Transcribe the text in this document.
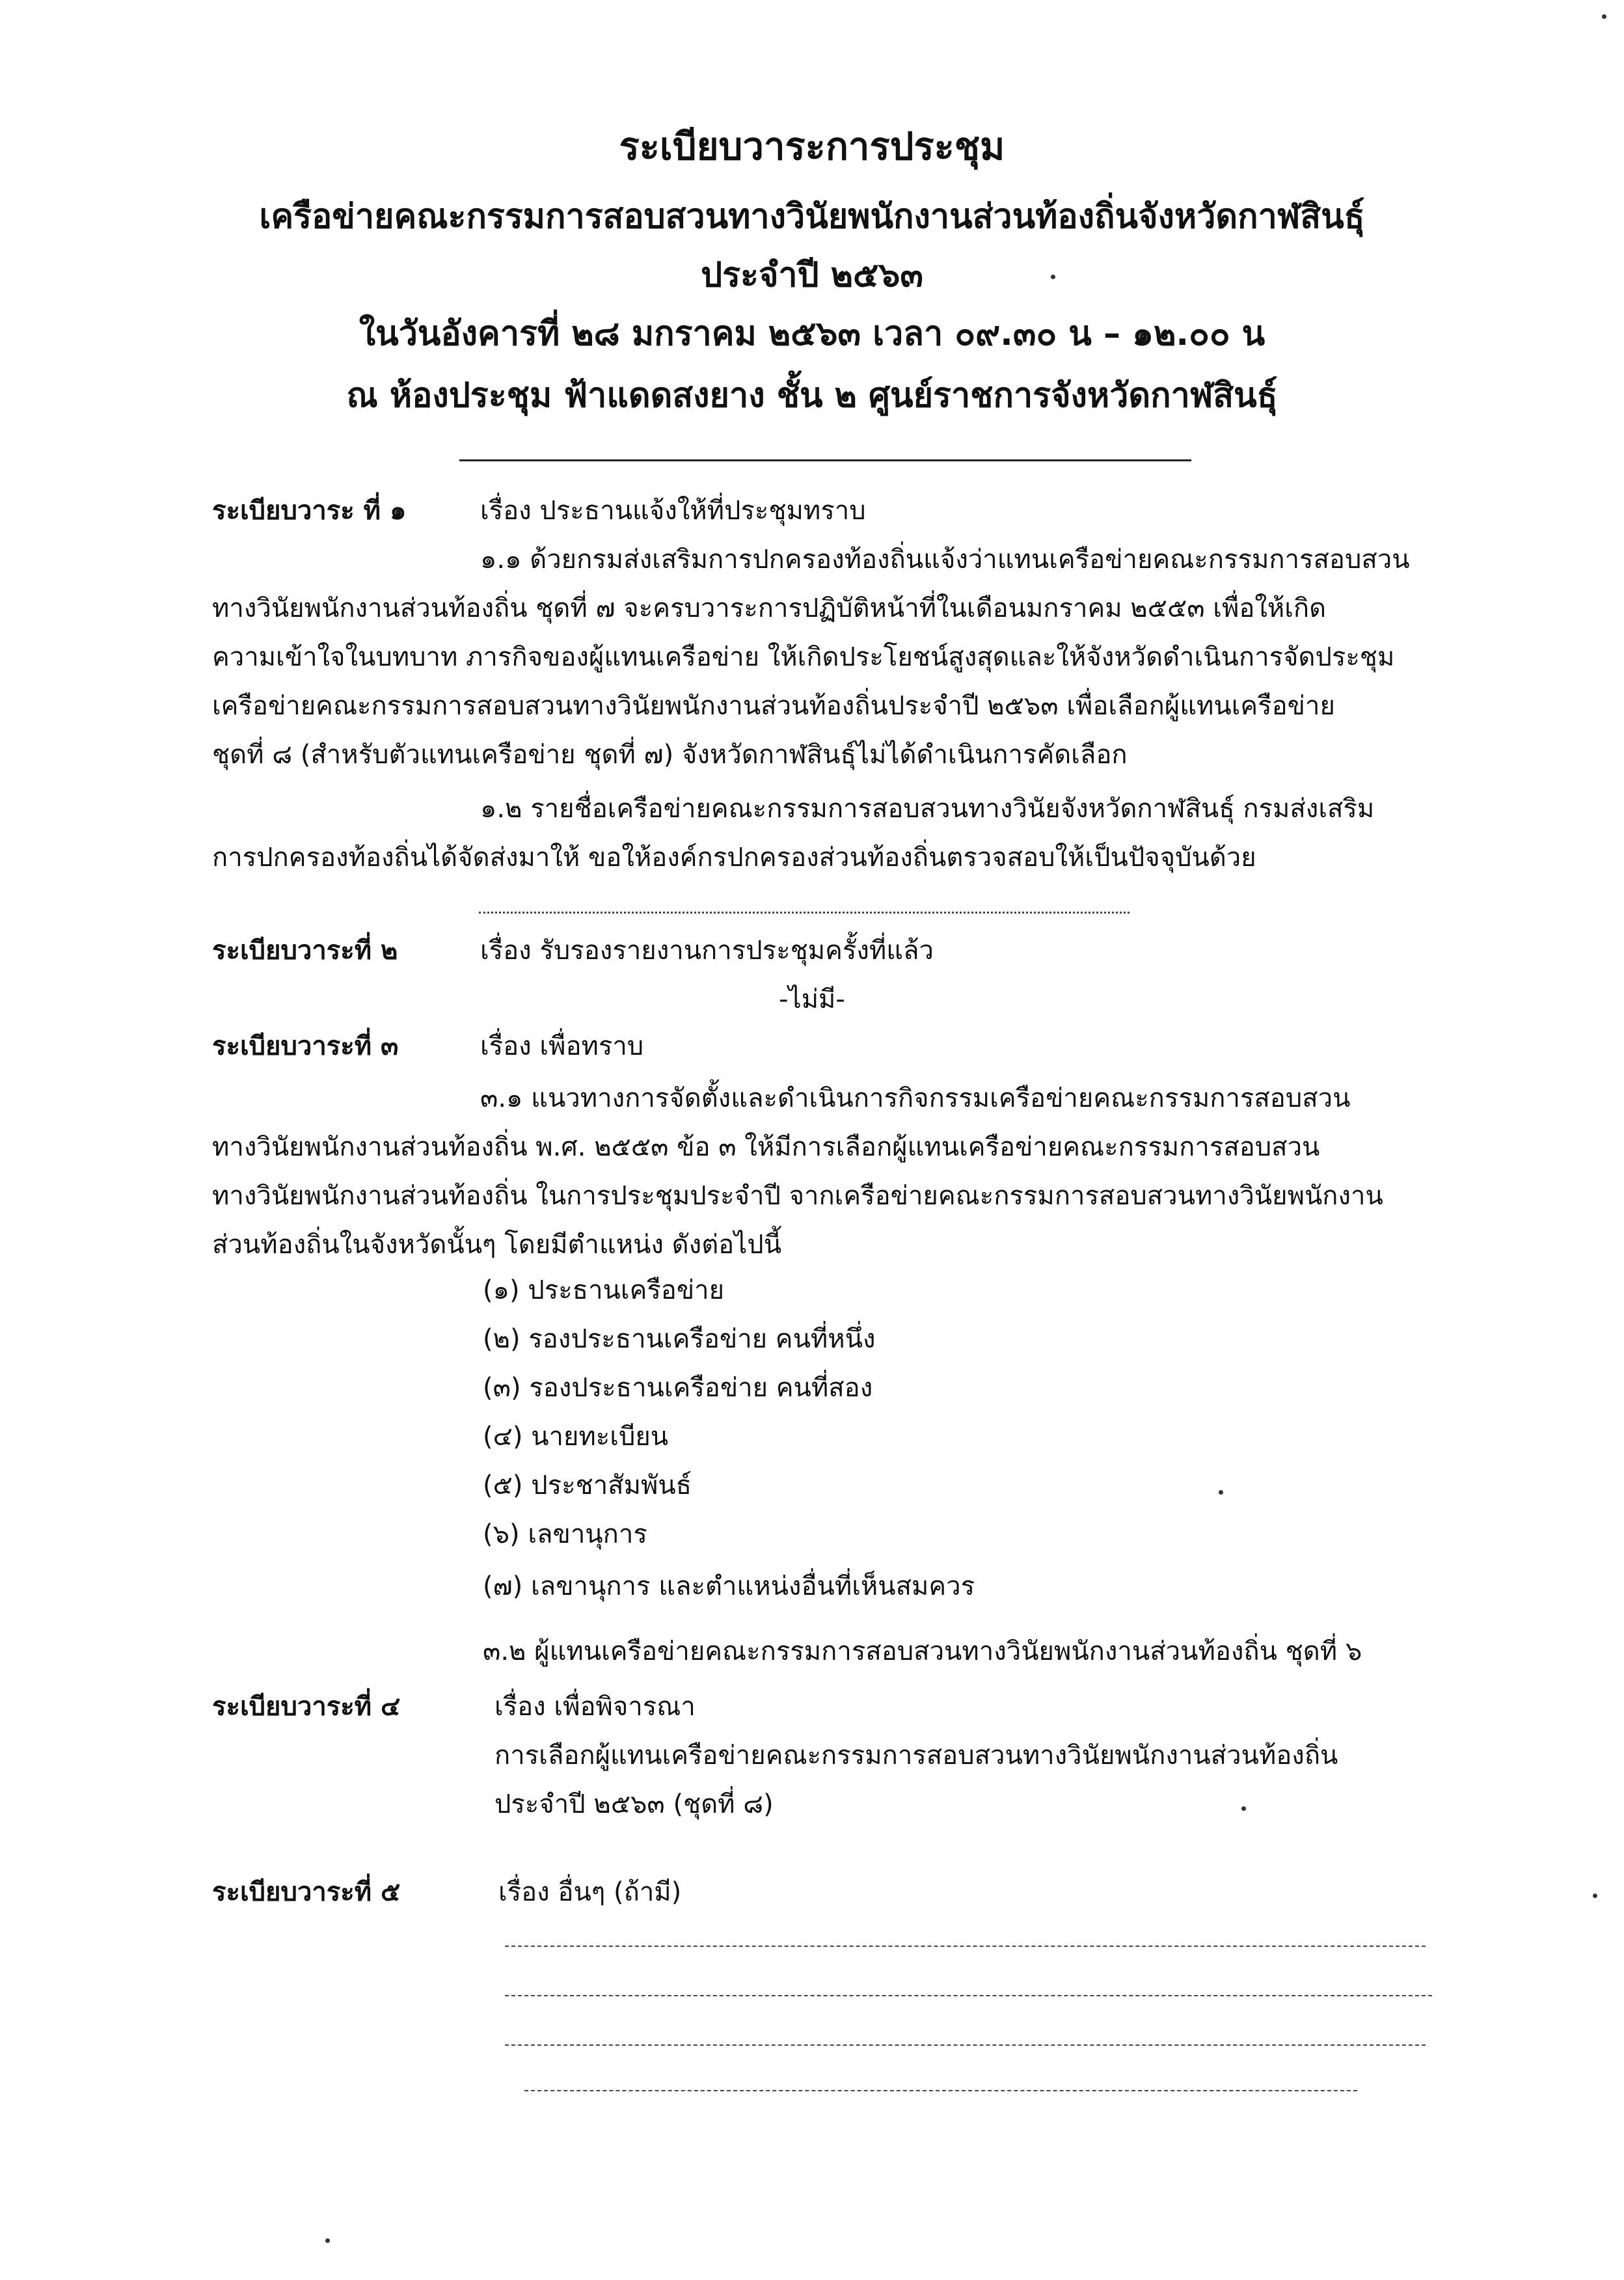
ระเบียบวาระการประชุม
เครือข่ายคณะกรรมการสอบสวนทางวินัยพนักงานส่วนท้องถิ่นจังหวัดกาฬสินธุ์
ประจำปี ๒๕๖๓
ในวันอังคารที่ ๒๘ มกราคม ๒๕๖๓ เวลา ๐๙.๓๐ น – ๑๒.๐๐ น
ณ ห้องประชุม ฟ้าแดดสงยาง ชั้น ๒ ศูนย์ราชการจังหวัดกาฬสินธุ์
ระเบียบวาระ ที่ ๑	เรื่อง ประธานแจ้งให้ที่ประชุมทราบ
๑.๑ ด้วยกรมส่งเสริมการปกครองท้องถิ่นแจ้งว่าแทนเครือข่ายคณะกรรมการสอบสวน
ทางวินัยพนักงานส่วนท้องถิ่น ชุดที่ ๗ จะครบวาระการปฏิบัติหน้าที่ในเดือนมกราคม ๒๕๕๓ เพื่อให้เกิด
ความเข้าใจในบทบาท ภารกิจของผู้แทนเครือข่าย ให้เกิดประโยชน์สูงสุดและให้จังหวัดดำเนินการจัดประชุม
เครือข่ายคณะกรรมการสอบสวนทางวินัยพนักงานส่วนท้องถิ่นประจำปี ๒๕๖๓ เพื่อเลือกผู้แทนเครือข่าย
ชุดที่ ๘ (สำหรับตัวแทนเครือข่าย ชุดที่ ๗) จังหวัดกาฬสินธุ์ไม่ได้ดำเนินการคัดเลือก
๑.๒ รายชื่อเครือข่ายคณะกรรมการสอบสวนทางวินัยจังหวัดกาฬสินธุ์ กรมส่งเสริม
การปกครองท้องถิ่นได้จัดส่งมาให้ ขอให้องค์กรปกครองส่วนท้องถิ่นตรวจสอบให้เป็นปัจจุบันด้วย
ระเบียบวาระที่ ๒	เรื่อง รับรองรายงานการประชุมครั้งที่แล้ว
-ไม่มี-
ระเบียบวาระที่ ๓	เรื่อง เพื่อทราบ
๓.๑ แนวทางการจัดตั้งและดำเนินการกิจกรรมเครือข่ายคณะกรรมการสอบสวน
ทางวินัยพนักงานส่วนท้องถิ่น พ.ศ. ๒๕๕๓ ข้อ ๓ ให้มีการเลือกผู้แทนเครือข่ายคณะกรรมการสอบสวน
ทางวินัยพนักงานส่วนท้องถิ่น ในการประชุมประจำปี จากเครือข่ายคณะกรรมการสอบสวนทางวินัยพนักงาน
ส่วนท้องถิ่นในจังหวัดนั้นๆ โดยมีตำแหน่ง ดังต่อไปนี้
(๑) ประธานเครือข่าย
(๒) รองประธานเครือข่าย คนที่หนึ่ง
(๓) รองประธานเครือข่าย คนที่สอง
(๔) นายทะเบียน
(๕) ประชาสัมพันธ์
(๖) เลขานุการ
(๗) เลขานุการ และตำแหน่งอื่นที่เห็นสมควร
๓.๒ ผู้แทนเครือข่ายคณะกรรมการสอบสวนทางวินัยพนักงานส่วนท้องถิ่น ชุดที่ ๖
ระเบียบวาระที่ ๔	เรื่อง เพื่อพิจารณา
การเลือกผู้แทนเครือข่ายคณะกรรมการสอบสวนทางวินัยพนักงานส่วนท้องถิ่น
ประจำปี ๒๕๖๓ (ชุดที่ ๘)
ระเบียบวาระที่ ๕	เรื่อง อื่นๆ (ถ้ามี)
